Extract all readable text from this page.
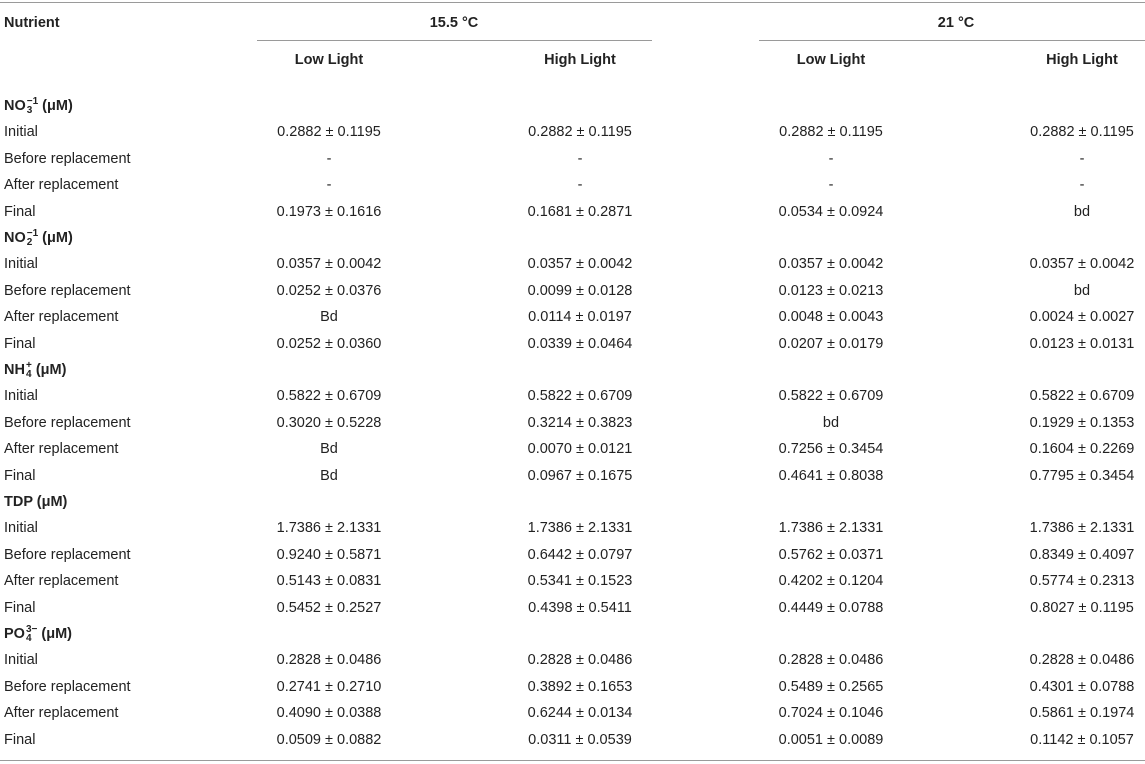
Nutrient	15.5 °C	21 °C
Low Light	High Light	Low Light	High Light
NO −1
3 (μM)
Initial	0.2882 ± 0.1195	0.2882 ± 0.1195	0.2882 ± 0.1195	0.2882 ± 0.1195
Before replacement	-	-	-	-
After replacement	-	-	-	-
Final	0.1973 ± 0.1616	0.1681 ± 0.2871	0.0534 ± 0.0924	bd
NO −1
2 (μM)
Initial	0.0357 ± 0.0042	0.0357 ± 0.0042	0.0357 ± 0.0042	0.0357 ± 0.0042
Before replacement	0.0252 ± 0.0376	0.0099 ± 0.0128	0.0123 ± 0.0213	bd
After replacement	Bd	0.0114 ± 0.0197	0.0048 ± 0.0043	0.0024 ± 0.0027
Final	0.0252 ± 0.0360	0.0339 ± 0.0464	0.0207 ± 0.0179	0.0123 ± 0.0131
NH +
4 (μM)
Initial	0.5822 ± 0.6709	0.5822 ± 0.6709	0.5822 ± 0.6709	0.5822 ± 0.6709
Before replacement	0.3020 ± 0.5228	0.3214 ± 0.3823	bd	0.1929 ± 0.1353
After replacement	Bd	0.0070 ± 0.0121	0.7256 ± 0.3454	0.1604 ± 0.2269
Final	Bd	0.0967 ± 0.1675	0.4641 ± 0.8038	0.7795 ± 0.3454
TDP (μM)
Initial	1.7386 ± 2.1331	1.7386 ± 2.1331	1.7386 ± 2.1331	1.7386 ± 2.1331
Before replacement	0.9240 ± 0.5871	0.6442 ± 0.0797	0.5762 ± 0.0371	0.8349 ± 0.4097
After replacement	0.5143 ± 0.0831	0.5341 ± 0.1523	0.4202 ± 0.1204	0.5774 ± 0.2313
Final	0.5452 ± 0.2527	0.4398 ± 0.5411	0.4449 ± 0.0788	0.8027 ± 0.1195
PO 3−
4 (μM)
Initial	0.2828 ± 0.0486	0.2828 ± 0.0486	0.2828 ± 0.0486	0.2828 ± 0.0486
Before replacement	0.2741 ± 0.2710	0.3892 ± 0.1653	0.5489 ± 0.2565	0.4301 ± 0.0788
After replacement	0.4090 ± 0.0388	0.6244 ± 0.0134	0.7024 ± 0.1046	0.5861 ± 0.1974
Final	0.0509 ± 0.0882	0.0311 ± 0.0539	0.0051 ± 0.0089	0.1142 ± 0.1057
